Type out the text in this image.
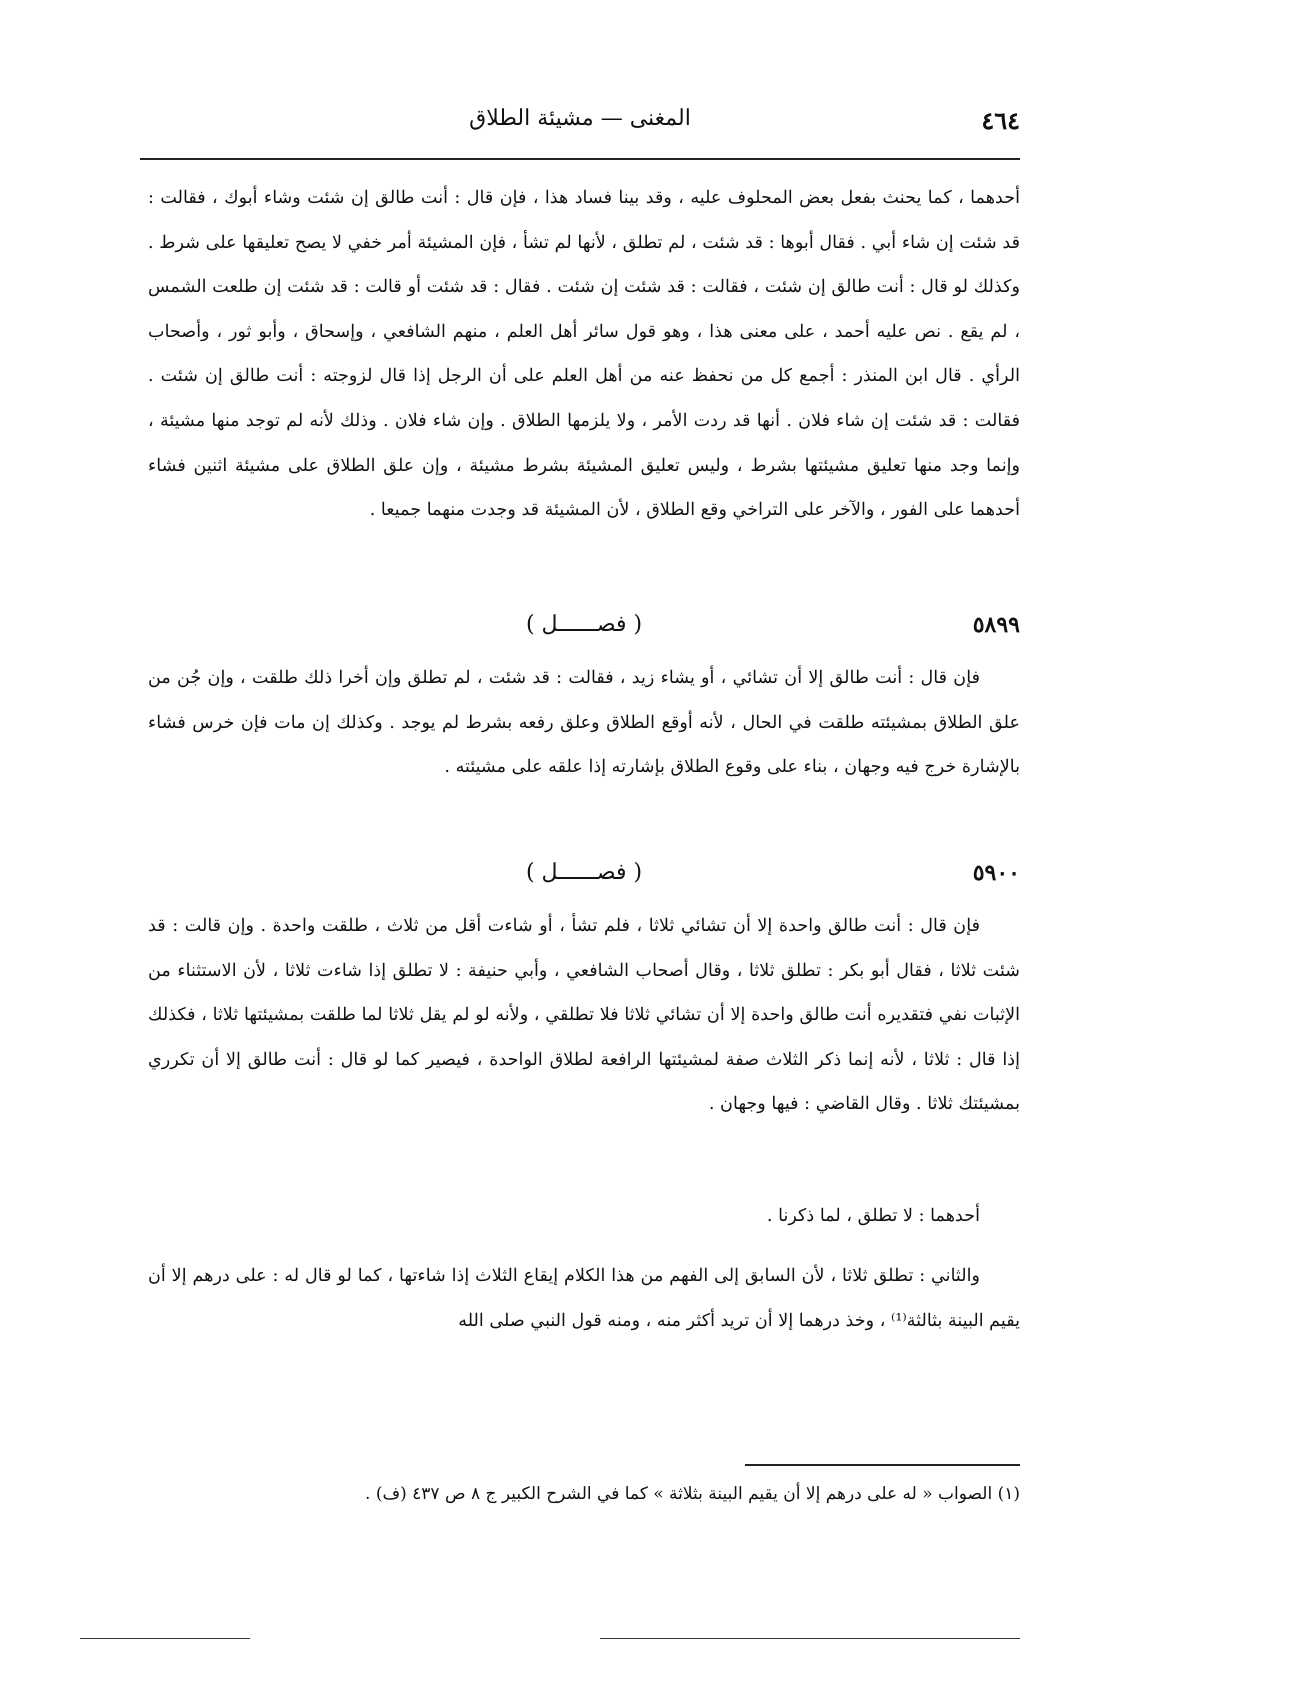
٤٦٤
المغنى — مشيئة الطلاق

أحدهما ، كما يحنث بفعل بعض المحلوف عليه ، وقد بينا فساد هذا ، فإن قال : أنت طالق إن شئت وشاء أبوك ، فقالت : قد شئت إن شاء أبي . فقال أبوها : قد شئت ، لم تطلق ، لأنها لم تشأ ، فإن المشيئة أمر خفي لا يصح تعليقها على شرط . وكذلك لو قال : أنت طالق إن شئت ، فقالت : قد شئت إن شئت . فقال : قد شئت أو قالت : قد شئت إن طلعت الشمس ، لم يقع . نص عليه أحمد ، على معنى هذا ، وهو قول سائر أهل العلم ، منهم الشافعي ، وإسحاق ، وأبو ثور ، وأصحاب الرأي . قال ابن المنذر : أجمع كل من نحفظ عنه من أهل العلم على أن الرجل إذا قال لزوجته : أنت طالق إن شئت . فقالت : قد شئت إن شاء فلان . أنها قد ردت الأمر ، ولا يلزمها الطلاق . وإن شاء فلان . وذلك لأنه لم توجد منها مشيئة ، وإنما وجد منها تعليق مشيئتها بشرط ، وليس تعليق المشيئة بشرط مشيئة ، وإن علق الطلاق على مشيئة اثنين فشاء أحدهما على الفور ، والآخر على التراخي وقع الطلاق ، لأن المشيئة قد وجدت منهما جميعا .

٥٨٩٩
( فصــــــل )

فإن قال : أنت طالق إلا أن تشائي ، أو يشاء زيد ، فقالت : قد شئت ، لم تطلق وإن أخرا ذلك طلقت ، وإن جُن من علق الطلاق بمشيئته طلقت في الحال ، لأنه أوقع الطلاق وعلق رفعه بشرط لم يوجد . وكذلك إن مات فإن خرس فشاء بالإشارة خرج فيه وجهان ، بناء على وقوع الطلاق بإشارته إذا علقه على مشيئته .

٥٩٠٠
( فصــــــل )

فإن قال : أنت طالق واحدة إلا أن تشائي ثلاثا ، فلم تشأ ، أو شاءت أقل من ثلاث ، طلقت واحدة . وإن قالت : قد شئت ثلاثا ، فقال أبو بكر : تطلق ثلاثا ، وقال أصحاب الشافعي ، وأبي حنيفة : لا تطلق إذا شاءت ثلاثا ، لأن الاستثناء من الإثبات نفي فتقديره أنت طالق واحدة إلا أن تشائي ثلاثا فلا تطلقي ، ولأنه لو لم يقل ثلاثا لما طلقت بمشيئتها ثلاثا ، فكذلك إذا قال : ثلاثا ، لأنه إنما ذكر الثلاث صفة لمشيئتها الرافعة لطلاق الواحدة ، فيصير كما لو قال : أنت طالق إلا أن تكرري بمشيئتك ثلاثا . وقال القاضي : فيها وجهان .

أحدهما : لا تطلق ، لما ذكرنا .

والثاني : تطلق ثلاثا ، لأن السابق إلى الفهم من هذا الكلام إيقاع الثلاث إذا شاءتها ، كما لو قال له : على درهم إلا أن يقيم البينة بثالثة⁽¹⁾ ، وخذ درهما إلا أن تريد أكثر منه ، ومنه قول النبي صلى الله

(١) الصواب « له على درهم إلا أن يقيم البينة بثلاثة » كما في الشرح الكبير ج ٨ ص ٤٣٧ (ف) .
